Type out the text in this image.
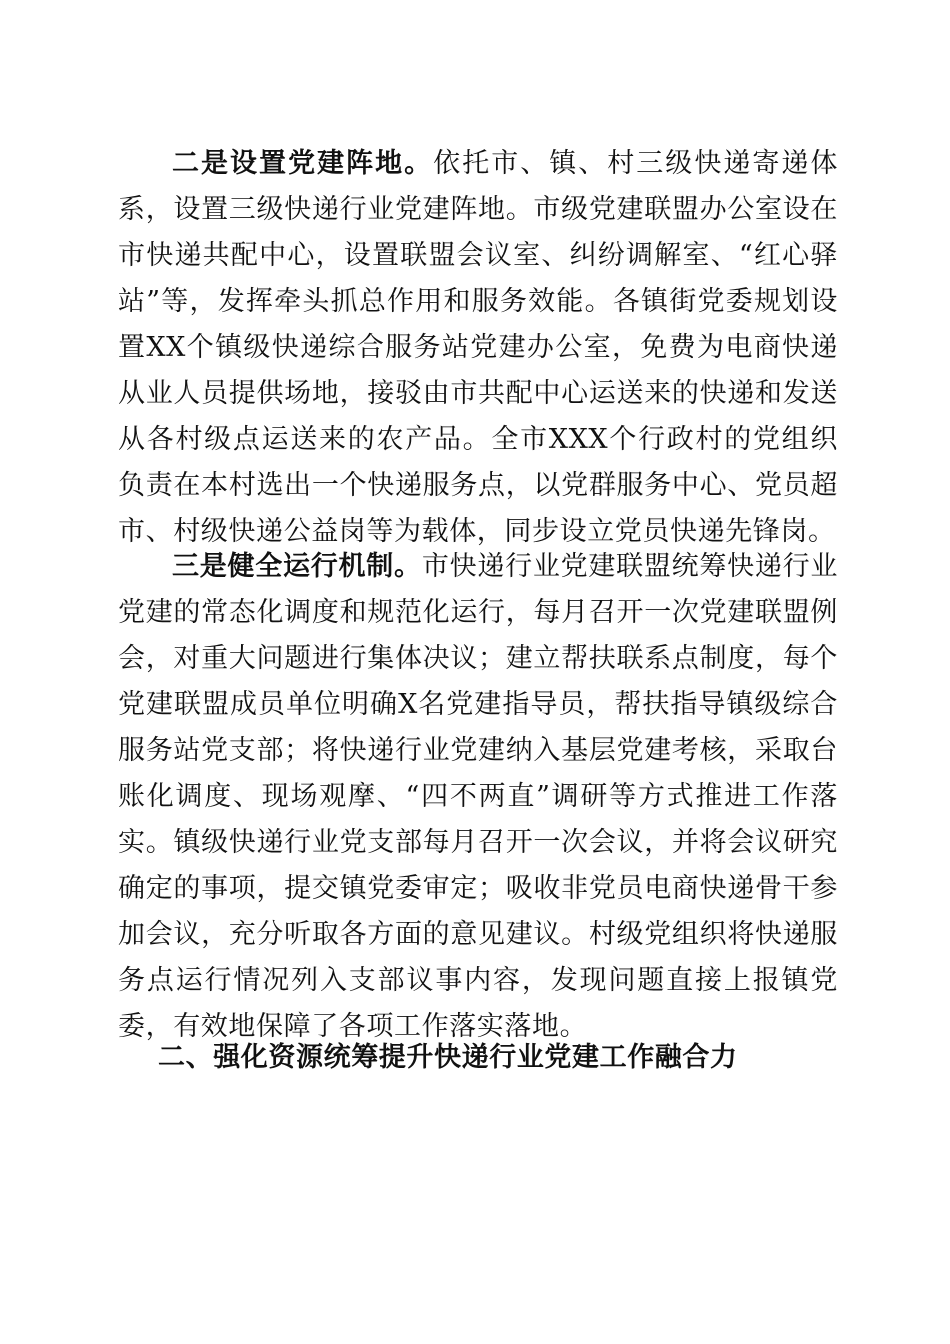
二是设置党建阵地。依托市、镇、村三级快递寄递体系，设置三级快递行业党建阵地。市级党建联盟办公室设在市快递共配中心，设置联盟会议室、纠纷调解室、“红心驿站”等，发挥牵头抓总作用和服务效能。各镇街党委规划设置XX个镇级快递综合服务站党建办公室，免费为电商快递从业人员提供场地，接驳由市共配中心运送来的快递和发送从各村级点运送来的农产品。全市XXX个行政村的党组织负责在本村选出一个快递服务点，以党群服务中心、党员超市、村级快递公益岗等为载体，同步设立党员快递先锋岗。

三是健全运行机制。市快递行业党建联盟统筹快递行业党建的常态化调度和规范化运行，每月召开一次党建联盟例会，对重大问题进行集体决议；建立帮扶联系点制度，每个党建联盟成员单位明确X名党建指导员，帮扶指导镇级综合服务站党支部；将快递行业党建纳入基层党建考核，采取台账化调度、现场观摩、“四不两直”调研等方式推进工作落实。镇级快递行业党支部每月召开一次会议，并将会议研究确定的事项，提交镇党委审定；吸收非党员电商快递骨干参加会议，充分听取各方面的意见建议。村级党组织将快递服务点运行情况列入支部议事内容，发现问题直接上报镇党委，有效地保障了各项工作落实落地。

二、强化资源统筹提升快递行业党建工作融合力
